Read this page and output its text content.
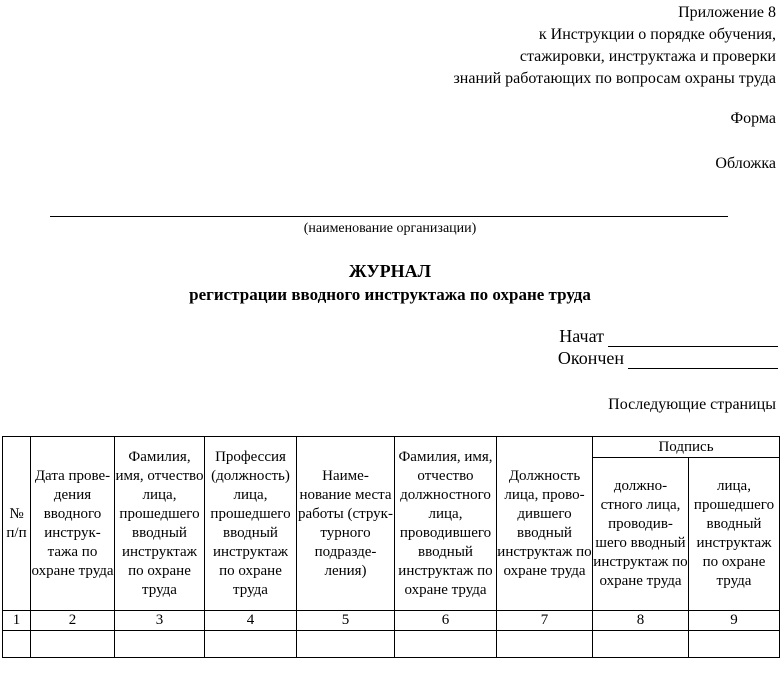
Приложение 8
к Инструкции о порядке обучения,
стажировки, инструктажа и проверки
знаний работающих по вопросам охраны труда
Форма
Обложка
(наименование организации)
ЖУРНАЛ
регистрации вводного инструктажа по охране труда
Начат
Окончен
Последующие страницы
№ п/п	Дата прове-дения вводного инструк-тажа по охране труда	Фамилия, имя, отчество лица, прошедшего вводный инструктаж по охране труда	Профессия (должность) лица, прошедшего вводный инструктаж по охране труда	Наиме-нование места работы (струк-турного подразде-ления)	Фамилия, имя, отчество должностного лица, проводившего вводный инструктаж по охране труда	Должность лица, прово-дившего вводный инструктаж по охране труда	Подпись	
							должно-стного лица, проводив-шего вводный инструктаж по охране труда	лица, прошедшего вводный инструктаж по охране труда
1	2	3	4	5	6	7	8	9
